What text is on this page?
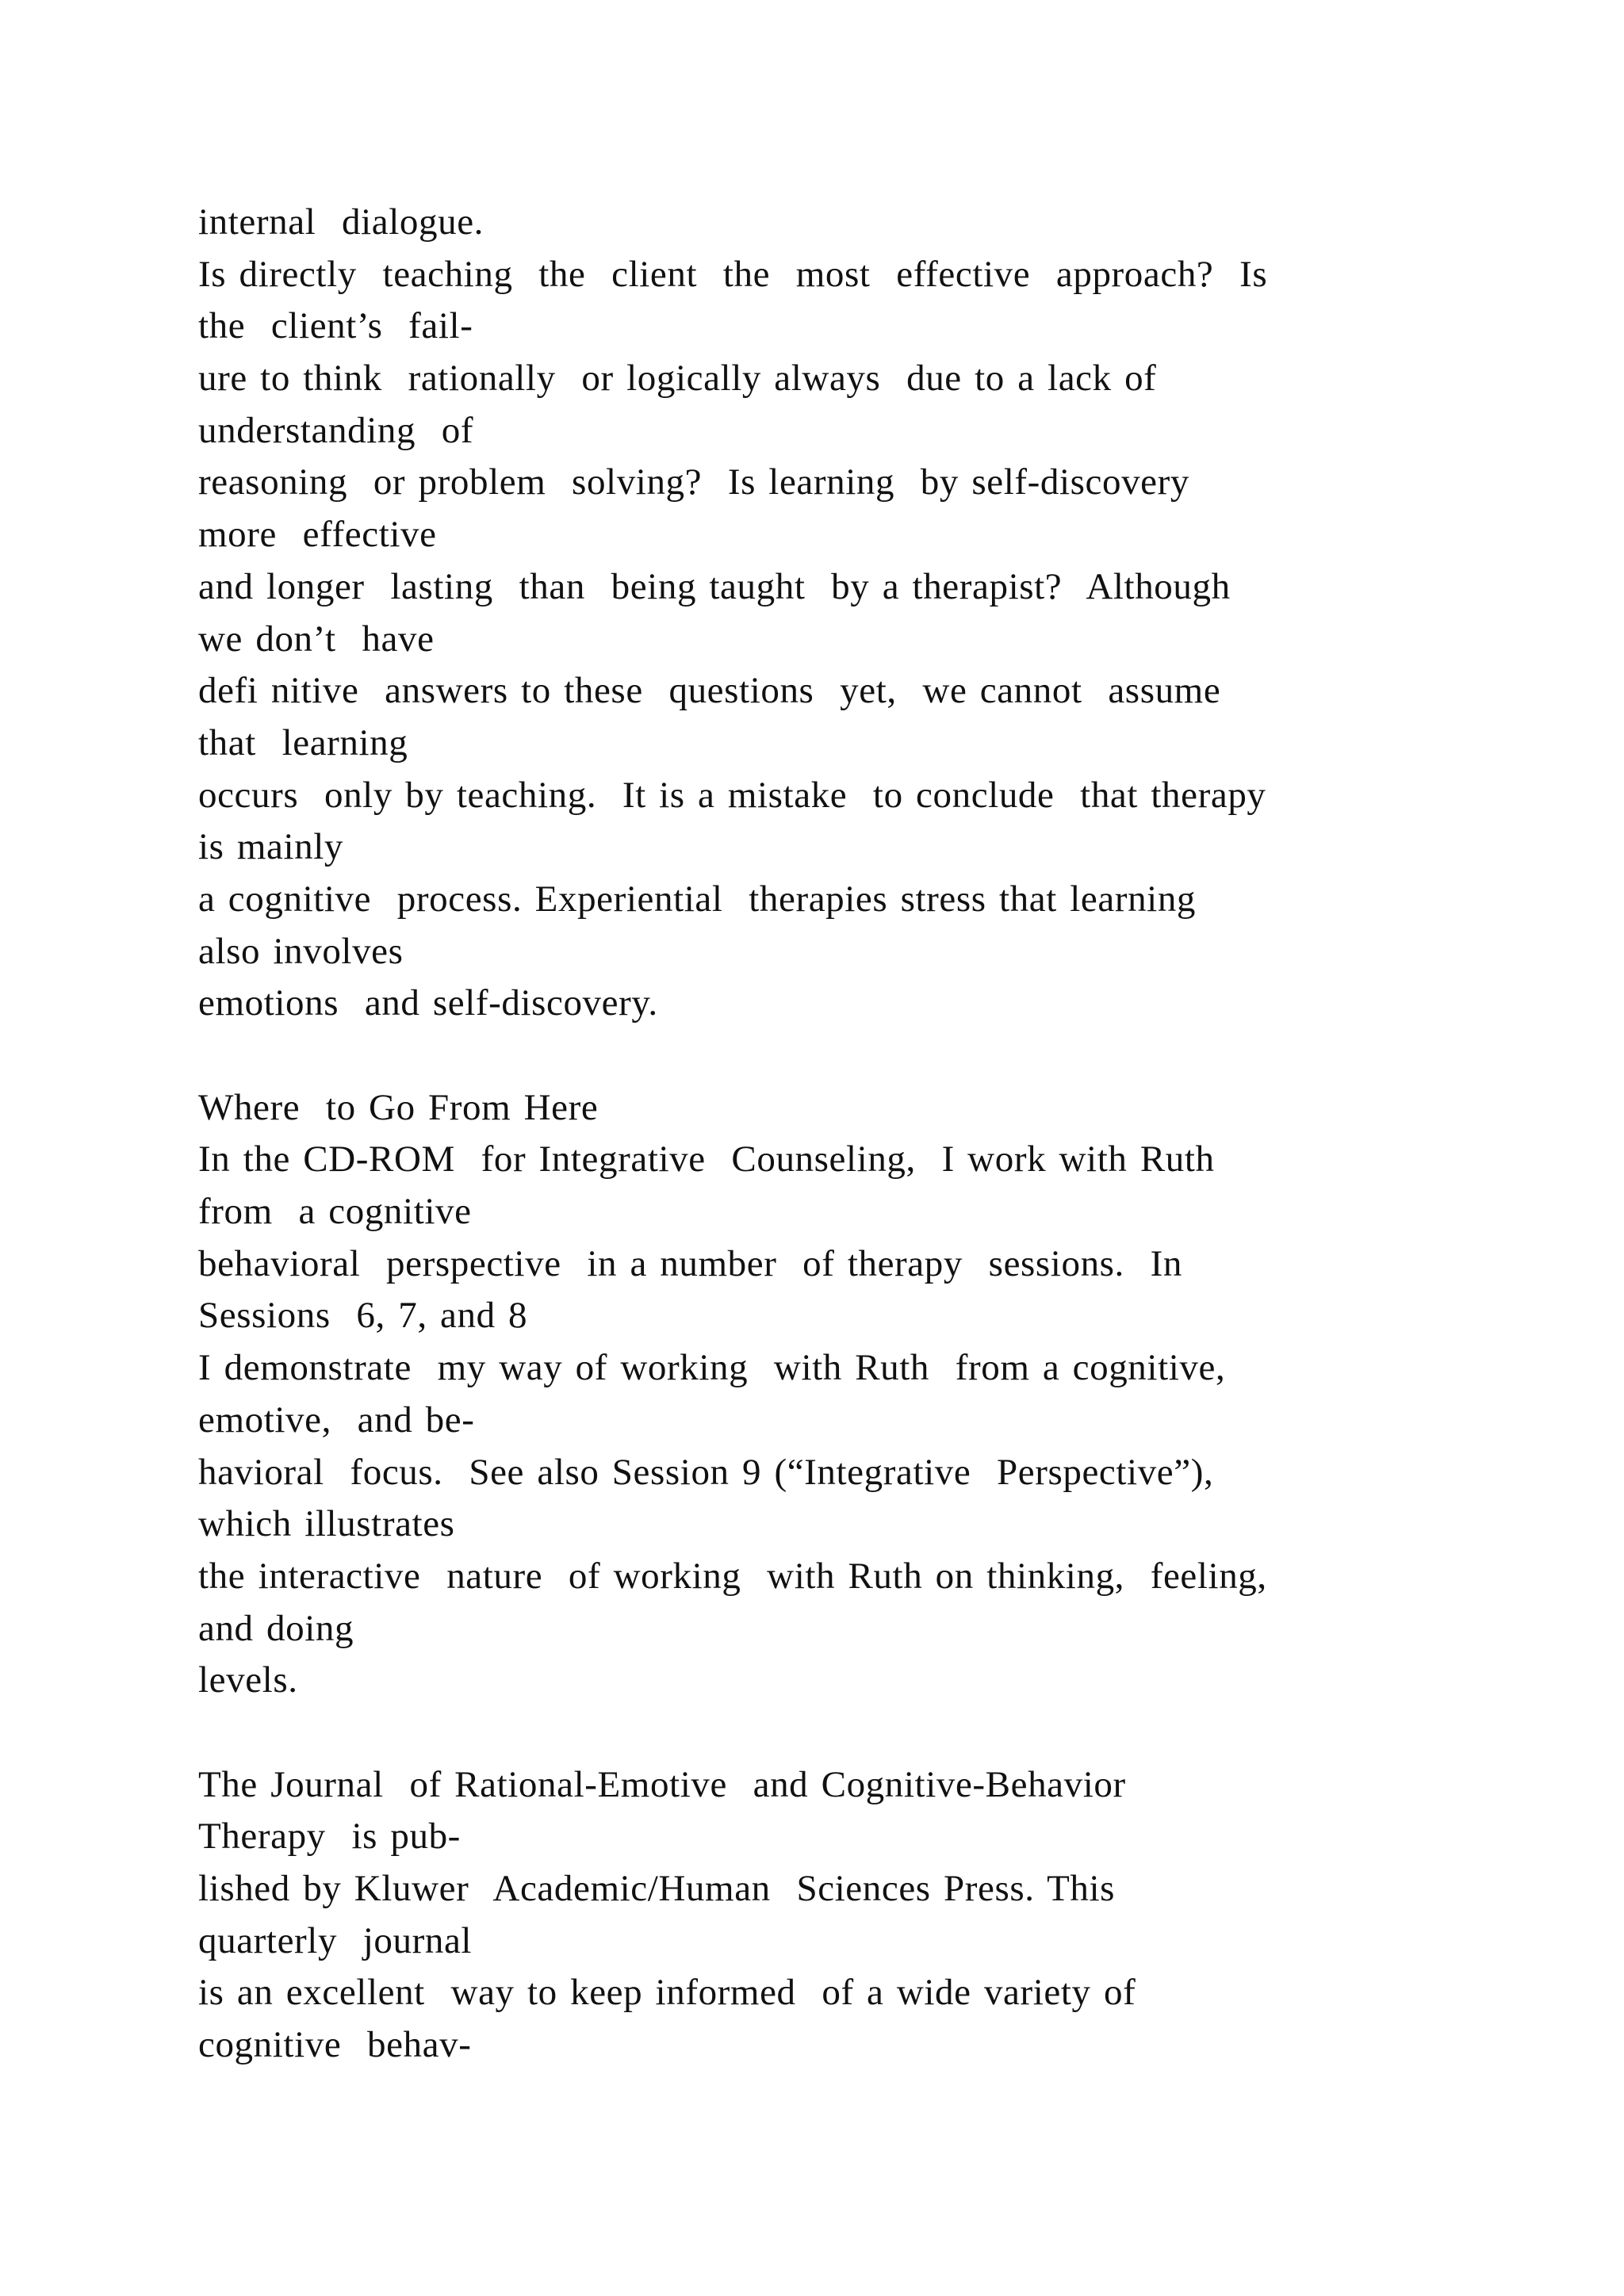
internal  dialogue.
Is directly  teaching  the  client  the  most  effective  approach?  Is
the  client’s  fail-
ure to think  rationally  or logically always  due to a lack of
understanding  of
reasoning  or problem  solving?  Is learning  by self-discovery
more  effective
and longer  lasting  than  being taught  by a therapist?  Although
we don’t  have
defi nitive  answers to these  questions  yet,  we cannot  assume
that  learning
occurs  only by teaching.  It is a mistake  to conclude  that therapy
is mainly
a cognitive  process. Experiential  therapies stress that learning
also involves
emotions  and self-discovery.
Where  to Go From Here
In the CD-ROM  for Integrative  Counseling,  I work with Ruth
from  a cognitive
behavioral  perspective  in a number  of therapy  sessions.  In
Sessions  6, 7, and 8
I demonstrate  my way of working  with Ruth  from a cognitive,
emotive,  and be-
havioral  focus.  See also Session 9 (“Integrative  Perspective”),
which illustrates
the interactive  nature  of working  with Ruth on thinking,  feeling,
and doing
levels.
The Journal  of Rational-Emotive  and Cognitive-Behavior
Therapy  is pub-
lished by Kluwer  Academic/Human  Sciences Press. This
quarterly  journal
is an excellent  way to keep informed  of a wide variety of
cognitive  behav-
